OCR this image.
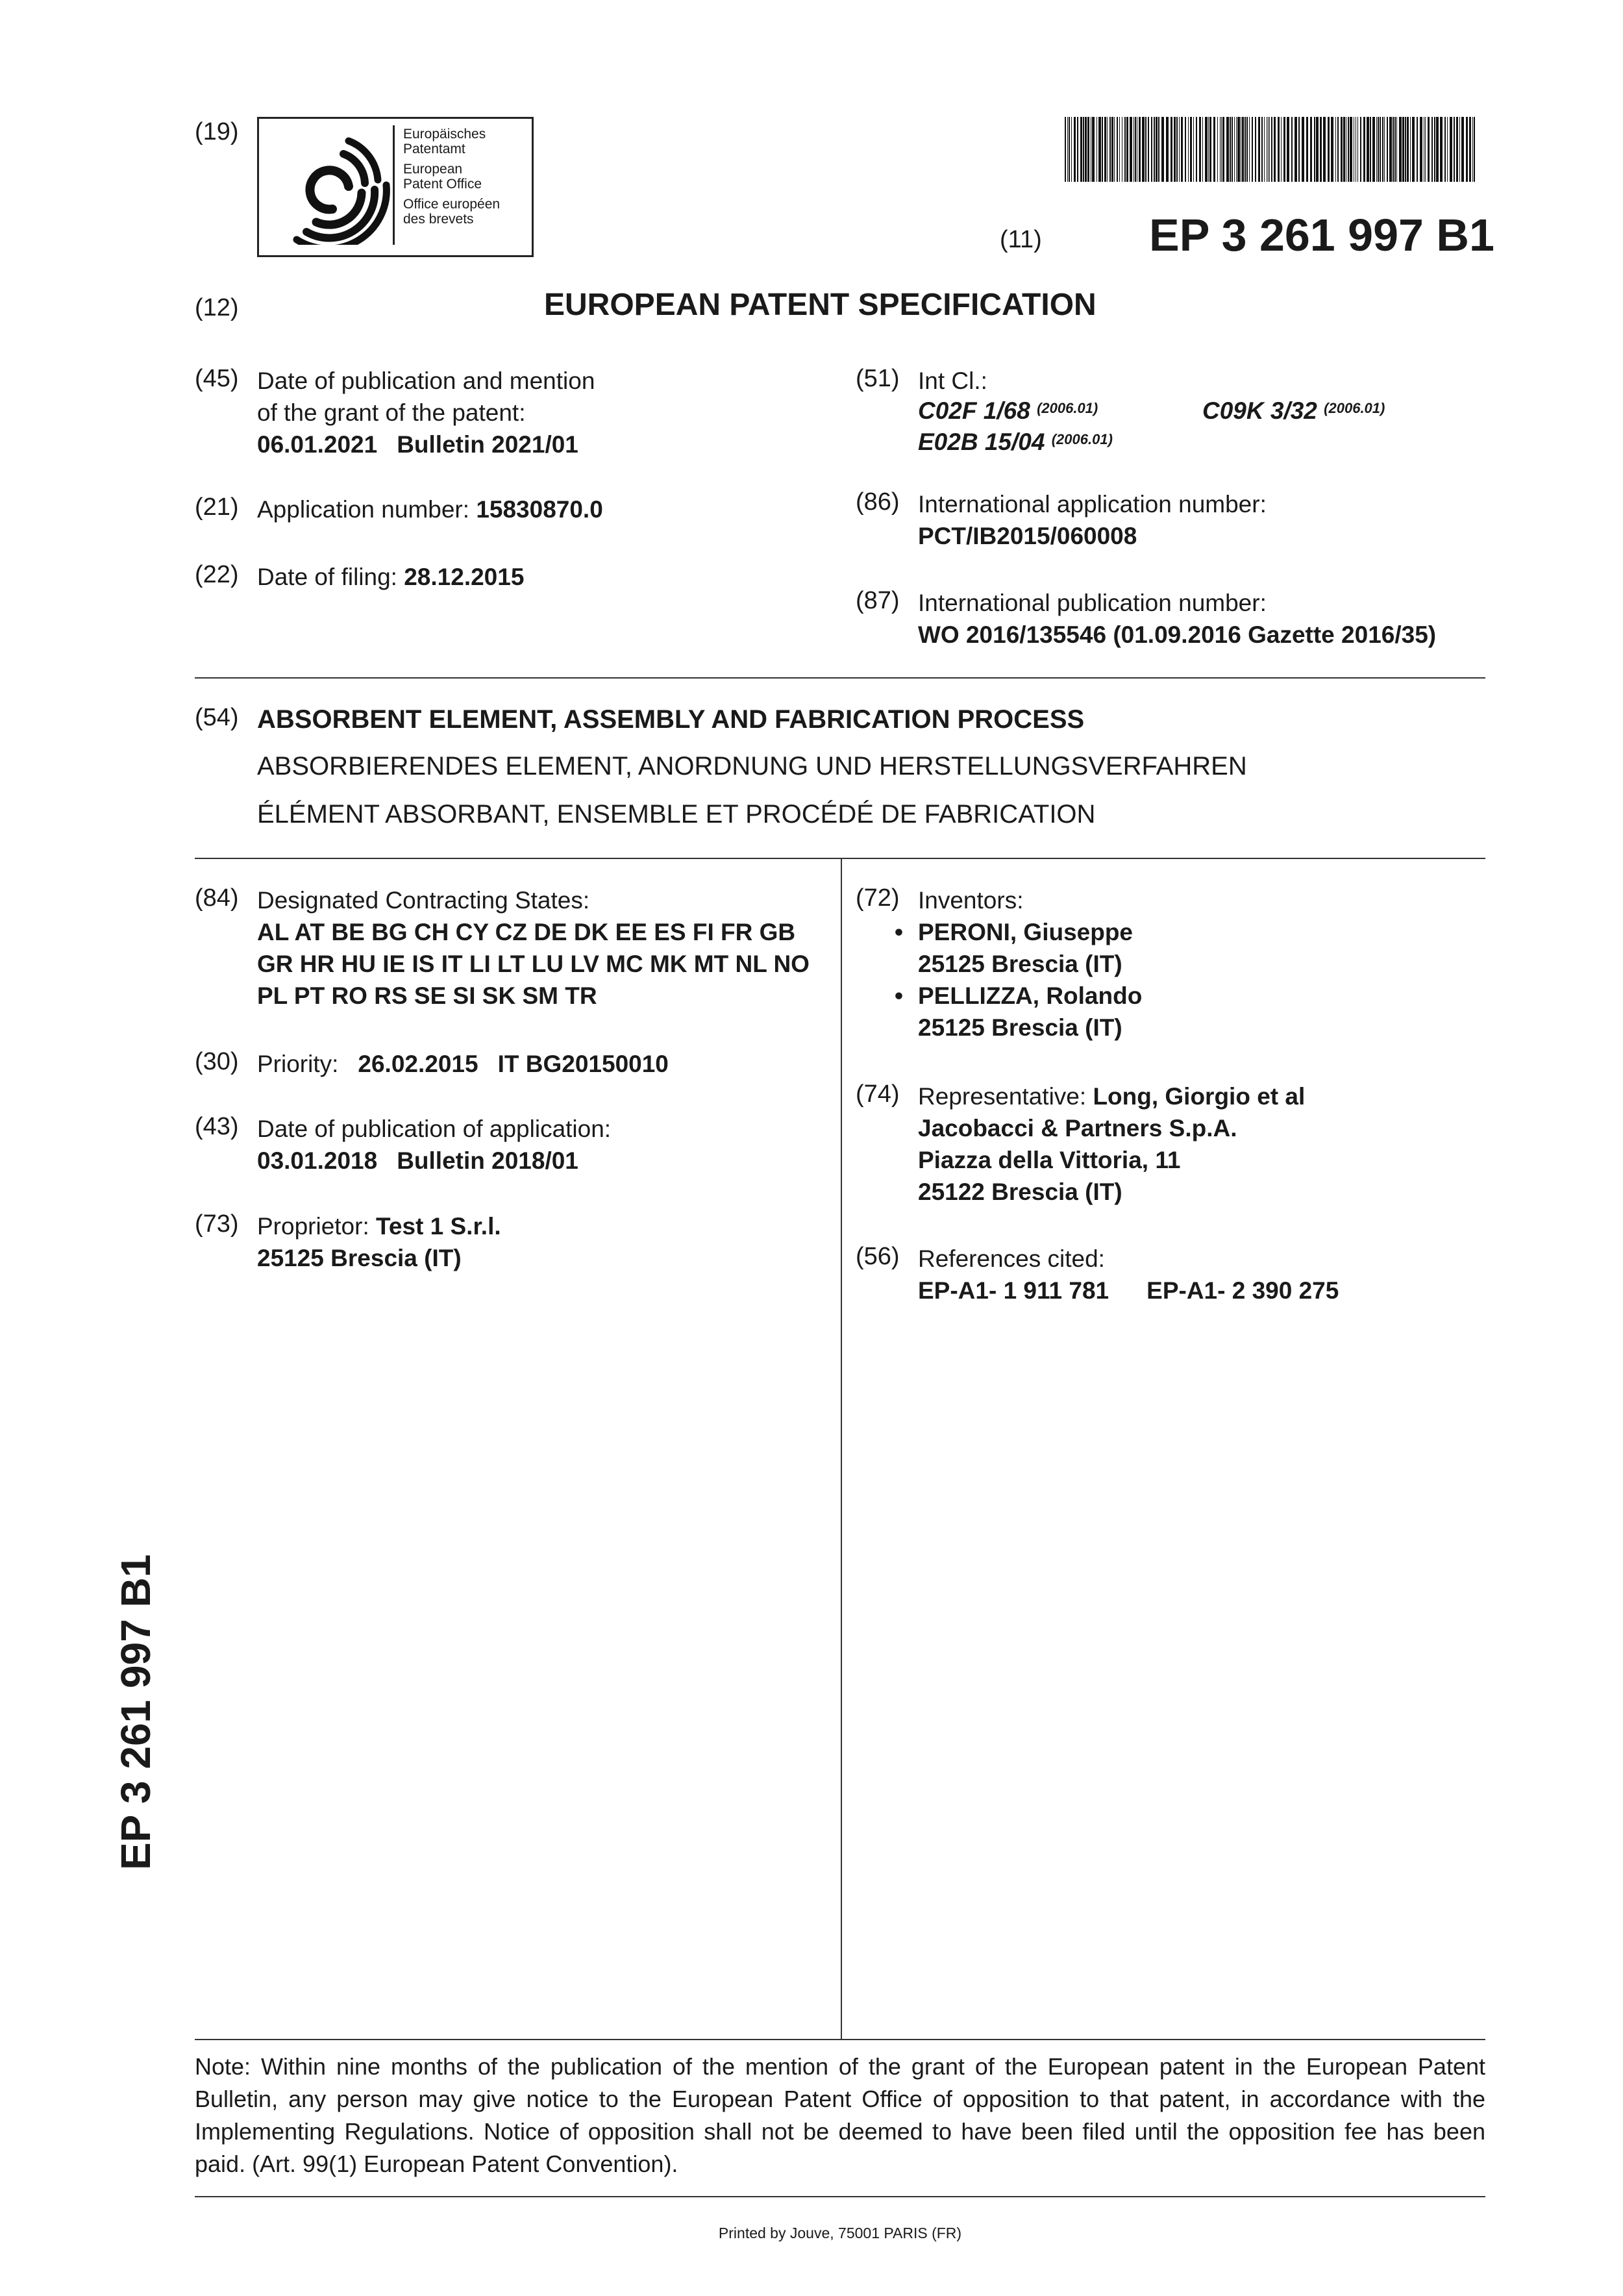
(19)	Europäisches
Patentamt
European
Patent Office
Office européen
des brevets
(11) EP 3 261 997 B1
(12)	EUROPEAN PATENT SPECIFICATION
(45) Date of publication and mention
of the grant of the patent:
06.01.2021 Bulletin 2021/01
(21) Application number: 15830870.0
(22) Date of filing: 28.12.2015
(51) Int Cl.:
C02F 1/68 $^{(2006.01)}$	C09K 3/32 $^{(2006.01)}$
E02B 15/04 $^{(2006.01)}$
(86) International application number:
PCT/IB2015/060008
(87) International publication number:
WO 2016/135546 (01.09.2016 Gazette 2016/35)
(54) ABSORBENT ELEMENT, ASSEMBLY AND FABRICATION PROCESS
ABSORBIERENDES ELEMENT, ANORDNUNG UND HERSTELLUNGSVERFAHREN
ÉLÉMENT ABSORBANT, ENSEMBLE ET PROCÉDÉ DE FABRICATION
(84) Designated Contracting States:
AL AT BE BG CH CY CZ DE DK EE ES FI FR GB
GR HR HU IE IS IT LI LT LU LV MC MK MT NL NO
PL PT RO RS SE SI SK SM TR
(30) Priority: 26.02.2015 IT BG20150010
(43) Date of publication of application:
03.01.2018 Bulletin 2018/01
(73) Proprietor: Test 1 S.r.l.
25125 Brescia (IT)
(72) Inventors:
• PERONI, Giuseppe
25125 Brescia (IT)
• PELLIZZA, Rolando
25125 Brescia (IT)
(74) Representative: Long, Giorgio et al
Jacobacci & Partners S.p.A.
Piazza della Vittoria, 11
25122 Brescia (IT)
(56) References cited:
EP-A1- 1 911 781 EP-A1- 2 390 275
EP 3 261 997 B1
Note: Within nine months of the publication of the mention of the grant of the European patent in the European Patent Bulletin, any person may give notice to the European Patent Office of opposition to that patent, in accordance with the Implementing Regulations. Notice of opposition shall not be deemed to have been filed until the opposition fee has been paid. (Art. 99(1) European Patent Convention).
Printed by Jouve, 75001 PARIS (FR)
